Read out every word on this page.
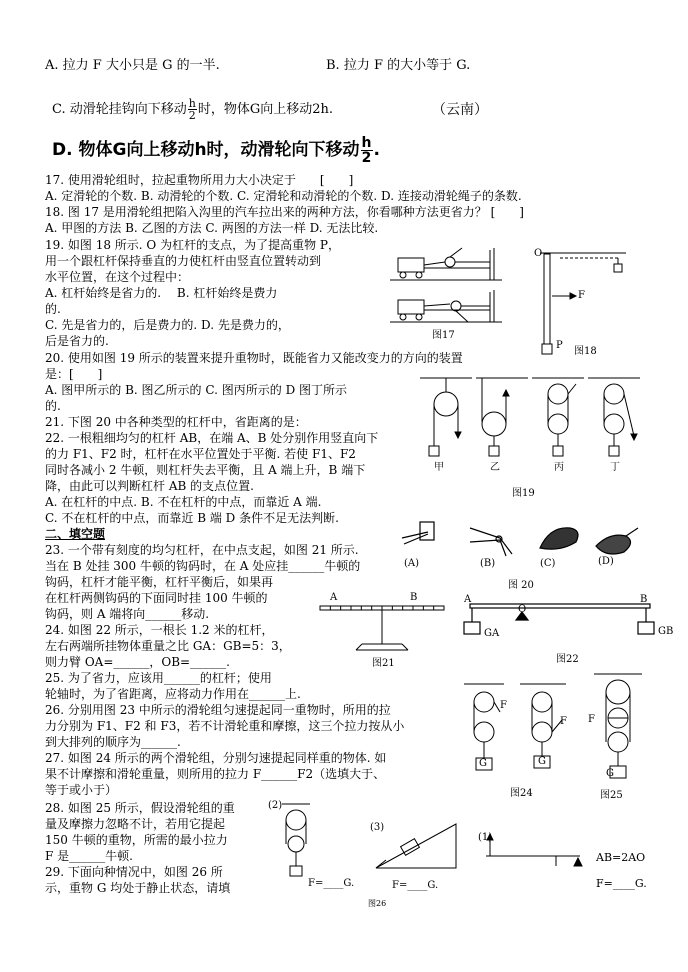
A. 拉力 F 大小只是 G 的一半.	B. 拉力 F 的大小等于 G.
C. 动滑轮挂钩向下移动 $\frac{h}{2}$ 时，物体G向上移动2h.	（云南）
D. 物体G向上移动h时，动滑轮向下移动 $\frac{h}{2}$ .
17. 使用滑轮组时，拉起重物所用力大小决定于　　[　　]
A. 定滑轮的个数. B. 动滑轮的个数. C. 定滑轮和动滑轮的个数. D. 连接动滑轮绳子的条数.
18. 图 17 是用滑轮组把陷入沟里的汽车拉出来的两种方法，你看哪种方法更省力？ [　　]
A. 甲图的方法 B. 乙图的方法 C. 两图的方法一样 D. 无法比较.
19. 如图 18 所示. O 为杠杆的支点，为了提高重物 P，
用一个跟杠杆保持垂直的力使杠杆由竖直位置转动到
水平位置，在这个过程中：
A. 杠杆始终是省力的.　 B. 杠杆始终是费力
的.
C. 先是省力的，后是费力的. D. 先是费力的，
后是省力的.
20. 使用如图 19 所示的装置来提升重物时，既能省力又能改变力的方向的装置
是：[　　]
A. 图甲所示的 B. 图乙所示的 C. 图丙所示的 D 图丁所示
的.
21. 下图 20 中各种类型的杠杆中，省距离的是：
22. 一根粗细均匀的杠杆 AB，在端 A、B 处分别作用竖直向下
的力 F1、F2 时，杠杆在水平位置处于平衡. 若使 F1、F2
同时各减小 2 牛顿，则杠杆失去平衡，且 A 端上升，B 端下
降，由此可以判断杠杆 AB 的支点位置.
A. 在杠杆的中点. B. 不在杠杆的中点，而靠近 A 端.
C. 不在杠杆的中点，而靠近 B 端 D 条件不足无法判断.
二、填空题
23. 一个带有刻度的均匀杠杆，在中点支起，如图 21 所示.
当在 B 处挂 300 牛顿的钩码时，在 A 处应挂______牛顿的
钩码，杠杆才能平衡，杠杆平衡后，如果再
在杠杆两侧钩码的下面同时挂 100 牛顿的
钩码，则 A 端将向______移动.
24. 如图 22 所示，一根长 1.2 米的杠杆，
左右两端所挂物体重量之比 GA：GB=5：3，
则力臂 OA=______，OB=______.
25. 为了省力，应该用______的杠杆；使用
轮轴时，为了省距离，应将动力作用在______上.
26. 分别用图 23 中所示的滑轮组匀速提起同一重物时，所用的拉
力分别为 F1、F2 和 F3，若不计滑轮重和摩擦，这三个拉力按从小
到大排列的顺序为______.
27. 如图 24 所示的两个滑轮组，分别匀速提起同样重的物体. 如
果不计摩擦和滑轮重量，则所用的拉力 F______F2（选填大于、
等于或小于）
28. 如图 25 所示，假设滑轮组的重
量及摩擦力忽略不计，若用它提起
150 牛顿的重物，所需的最小拉力
F 是______牛顿.
29. 下面向种情况中，如图 26 所
示，重物 G 均处于静止状态，请填
图17
O
F
P
图18
甲	乙	丙	丁
图19
(A)	(B)	(C)	(D)
图 20
A	B
图21
A	B
O
GA	GB
图22
F
F
G	G
图24
F
G
图25
(2)
F=____G.
(3)
F=____G.
(1)
AB=2AO
F=____G.
图26
